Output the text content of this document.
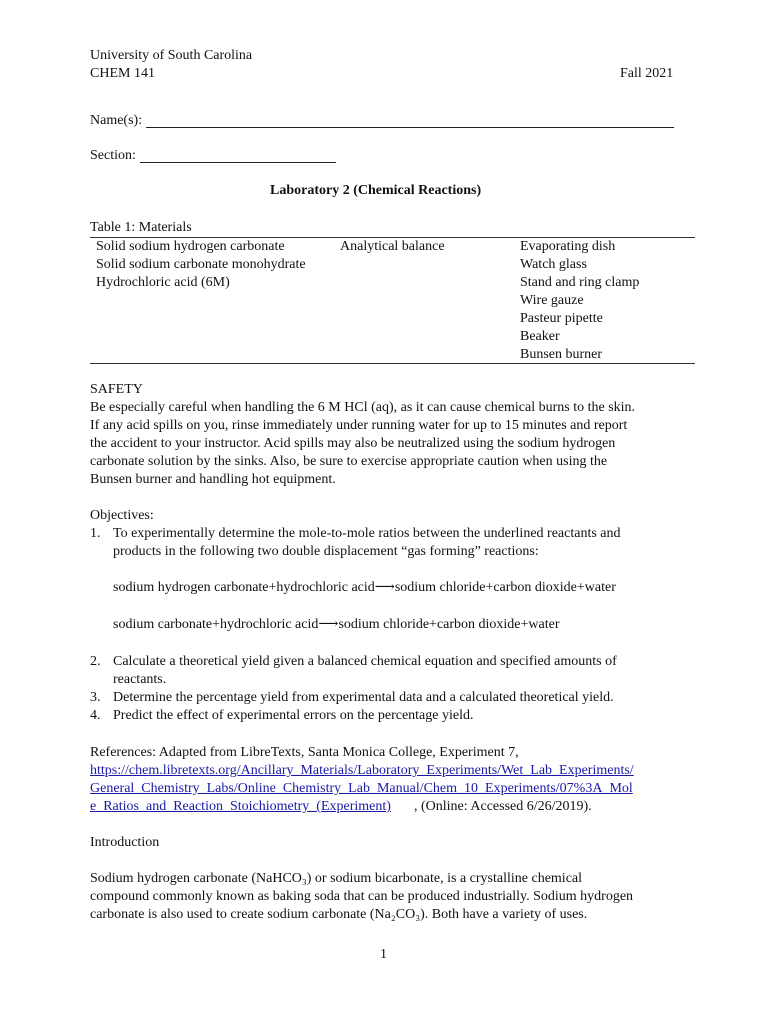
University of South Carolina
CHEM 141	Fall 2021
Name(s):
Section:
Laboratory 2 (Chemical Reactions)
Table 1: Materials
Solid sodium hydrogen carbonate
Solid sodium carbonate monohydrate
Hydrochloric acid (6M)
Analytical balance	Evaporating dish
Watch glass
Stand and ring clamp
Wire gauze
Pasteur pipette
Beaker
Bunsen burner
SAFETY
Be especially careful when handling the 6 M HCl (aq), as it can cause chemical burns to the skin.
If any acid spills on you, rinse immediately under running water for up to 15 minutes and report
the accident to your instructor. Acid spills may also be neutralized using the sodium hydrogen
carbonate solution by the sinks. Also, be sure to exercise appropriate caution when using the
Bunsen burner and handling hot equipment.
Objectives:
1. To experimentally determine the mole-to-mole ratios between the underlined reactants and
products in the following two double displacement “gas forming” reactions:
sodium hydrogen carbonate+hydrochloric acid⟶sodium chloride+carbon dioxide+water
sodium carbonate+hydrochloric acid⟶sodium chloride+carbon dioxide+water
2. Calculate a theoretical yield given a balanced chemical equation and specified amounts of
reactants.
3. Determine the percentage yield from experimental data and a calculated theoretical yield.
4. Predict the effect of experimental errors on the percentage yield.
References: Adapted from LibreTexts, Santa Monica College, Experiment 7,
https://chem.libretexts.org/Ancillary_Materials/Laboratory_Experiments/Wet_Lab_Experiments/
General_Chemistry_Labs/Online_Chemistry_Lab_Manual/Chem_10_Experiments/07%3A_Mol
e_Ratios_and_Reaction_Stoichiometry_(Experiment) , (Online: Accessed 6/26/2019).
Introduction
Sodium hydrogen carbonate (NaHCO₃) or sodium bicarbonate, is a crystalline chemical
compound commonly known as baking soda that can be produced industrially. Sodium hydrogen
carbonate is also used to create sodium carbonate (Na₂CO₃). Both have a variety of uses.
1
